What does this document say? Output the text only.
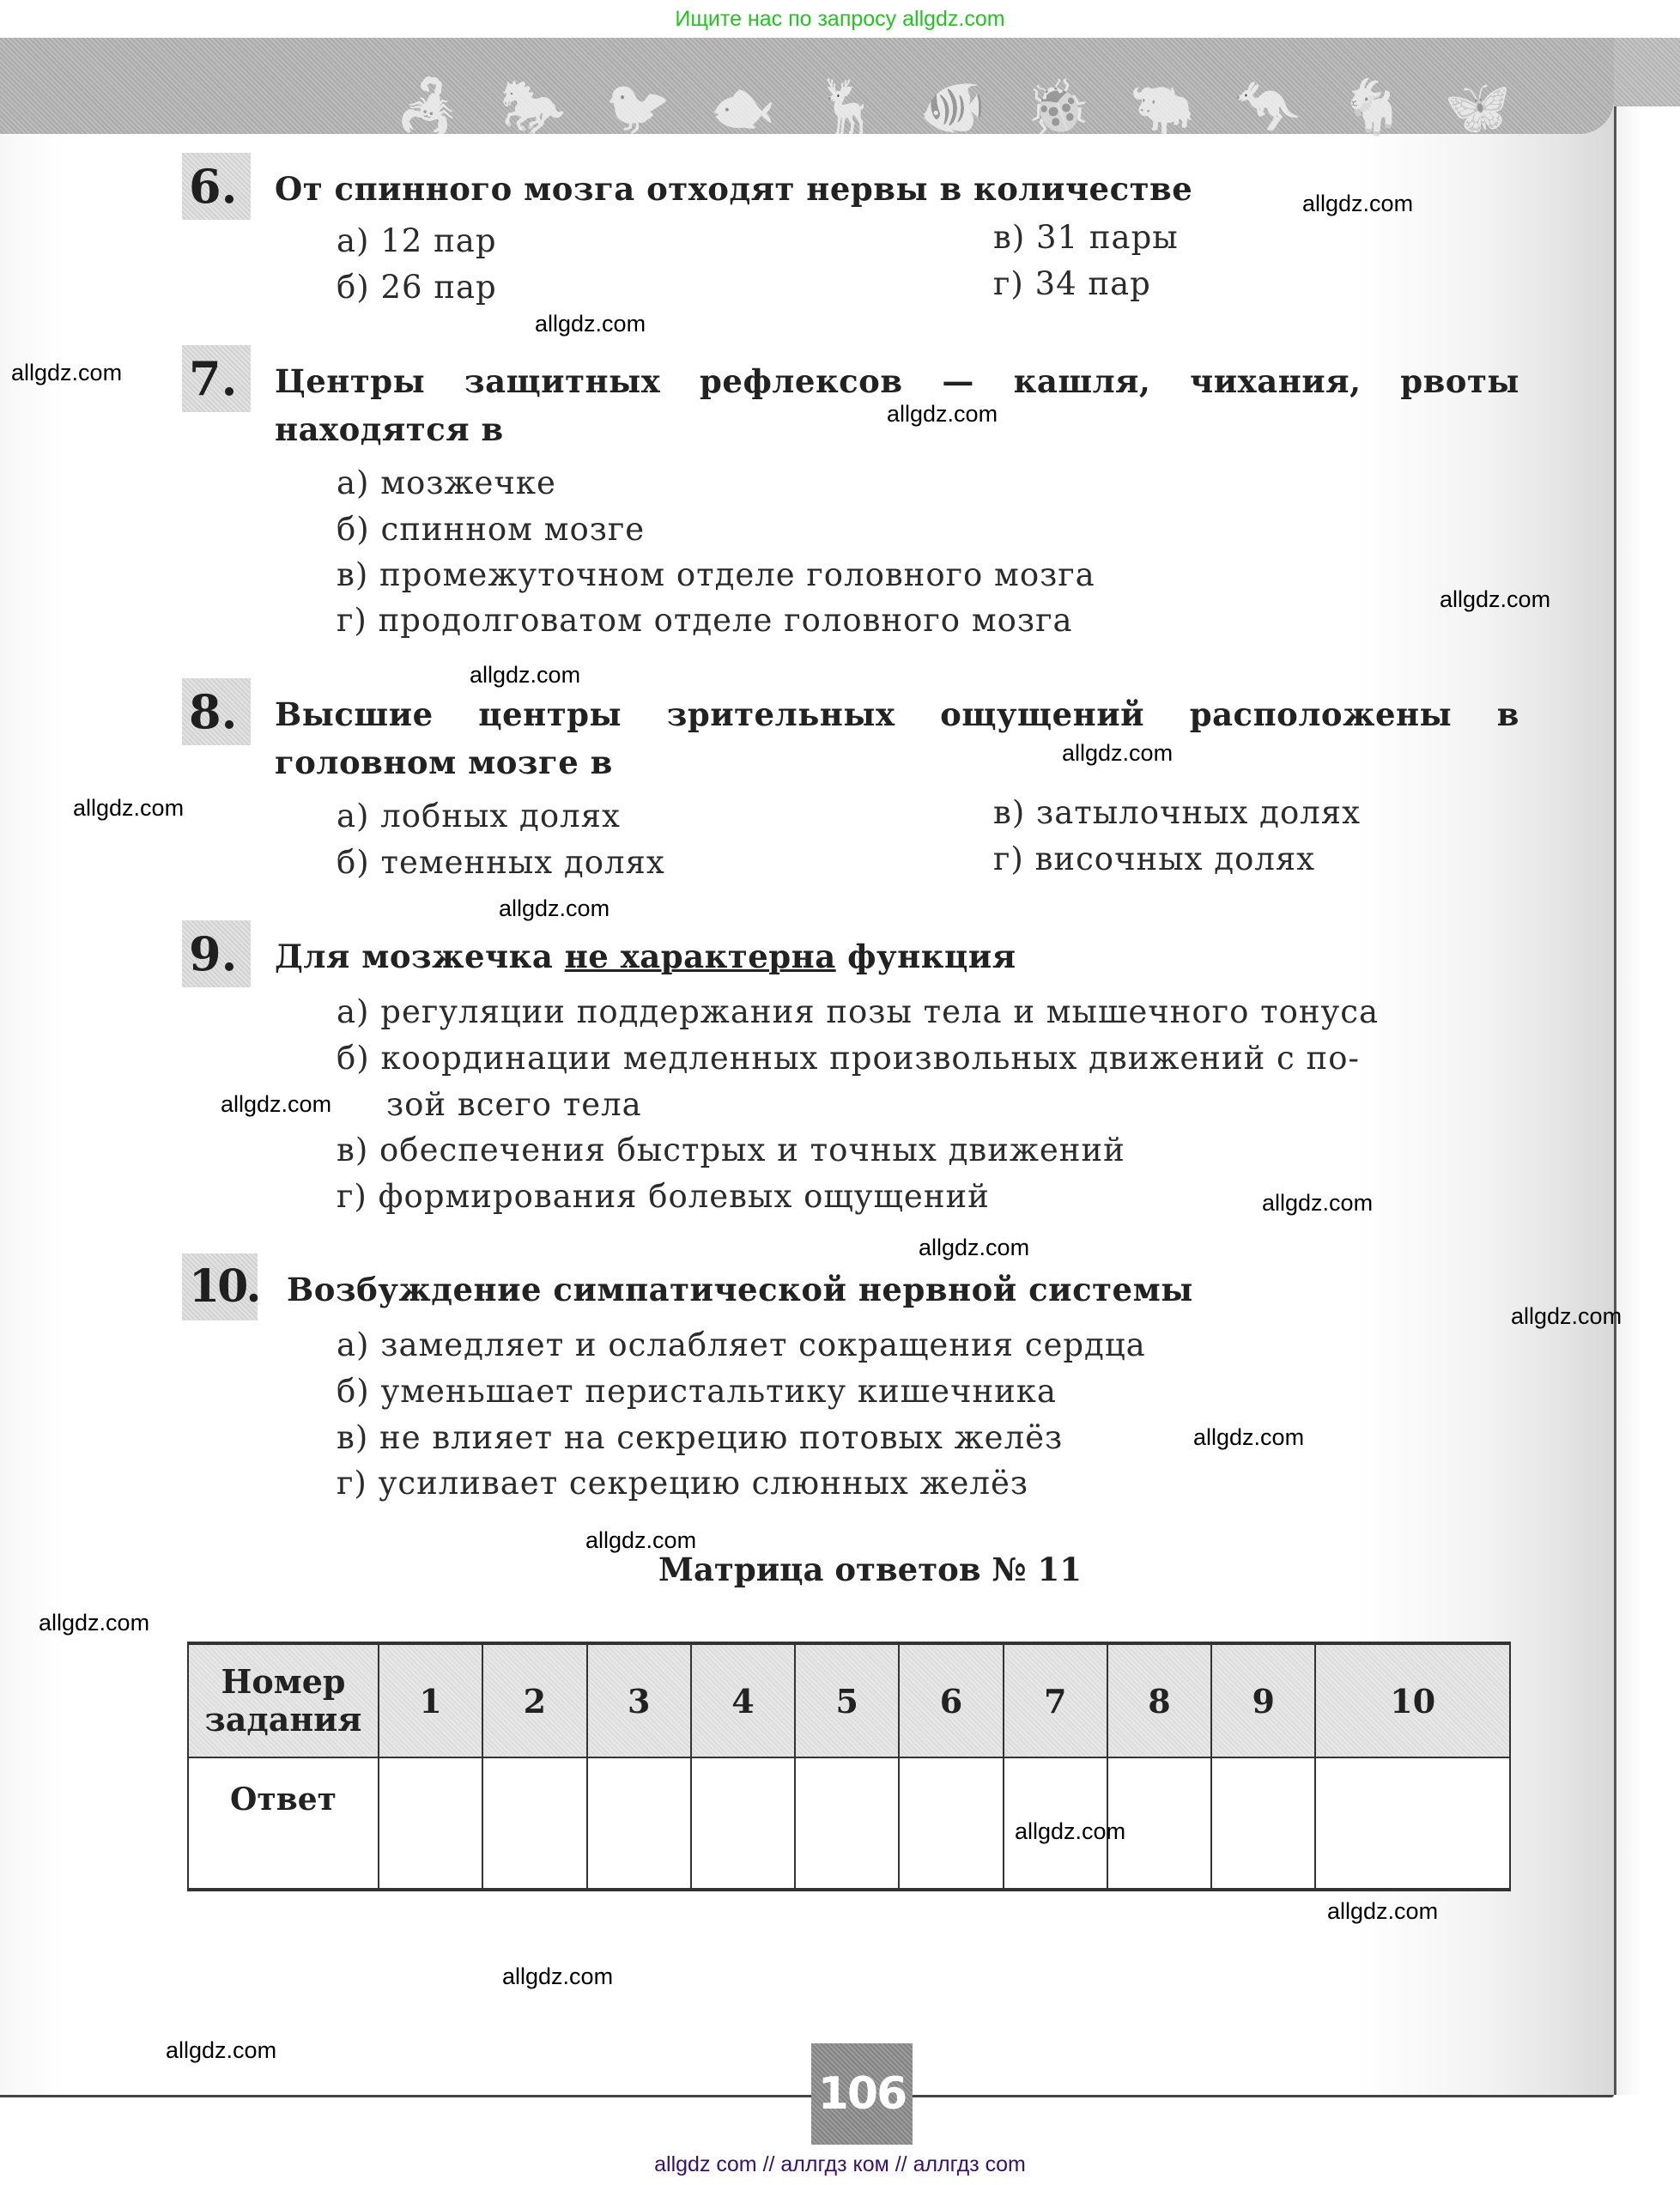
Ищите нас по запросу allgdz.com
🦂 🐎 🐦 🐟 🦌 🐠 🐞 🐃 🦘 🐐 🦋
6.	От спинного мозга отходят нервы в количестве
а) 12 пар
б) 26 пар
в) 31 пары
г) 34 пар
7.	Центры защитных рефлексов — кашля, чихания, рвоты находятся в
а) мозжечке
б) спинном мозге
в) промежуточном отделе головного мозга
г) продолговатом отделе головного мозга
8.	Высшие центры зрительных ощущений расположены в головном мозге в
а) лобных долях
б) теменных долях
в) затылочных долях
г) височных долях
9.	Для мозжечка не характерна функция
а) регуляции поддержания позы тела и мышечного тонуса
б) координации медленных произвольных движений с по-
зой всего тела
в) обеспечения быстрых и точных движений
г) формирования болевых ощущений
10. Возбуждение симпатической нервной системы
а) замедляет и ослабляет сокращения сердца
б) уменьшает перистальтику кишечника
в) не влияет на секрецию потовых желёз
г) усиливает секрецию слюнных желёз
Матрица ответов № 11
Номер задания	1	2	3	4	5	6	7	8	9	10
Ответ										
106
allgdz com // аллгдз ком // аллгдз com
allgdz.com
allgdz.com
allgdz.com
allgdz.com
allgdz.com
allgdz.com
allgdz.com
allgdz.com
allgdz.com
allgdz.com
allgdz.com
allgdz.com
allgdz.com
allgdz.com
allgdz.com
allgdz.com
allgdz.com
allgdz.com
allgdz.com
allgdz.com
